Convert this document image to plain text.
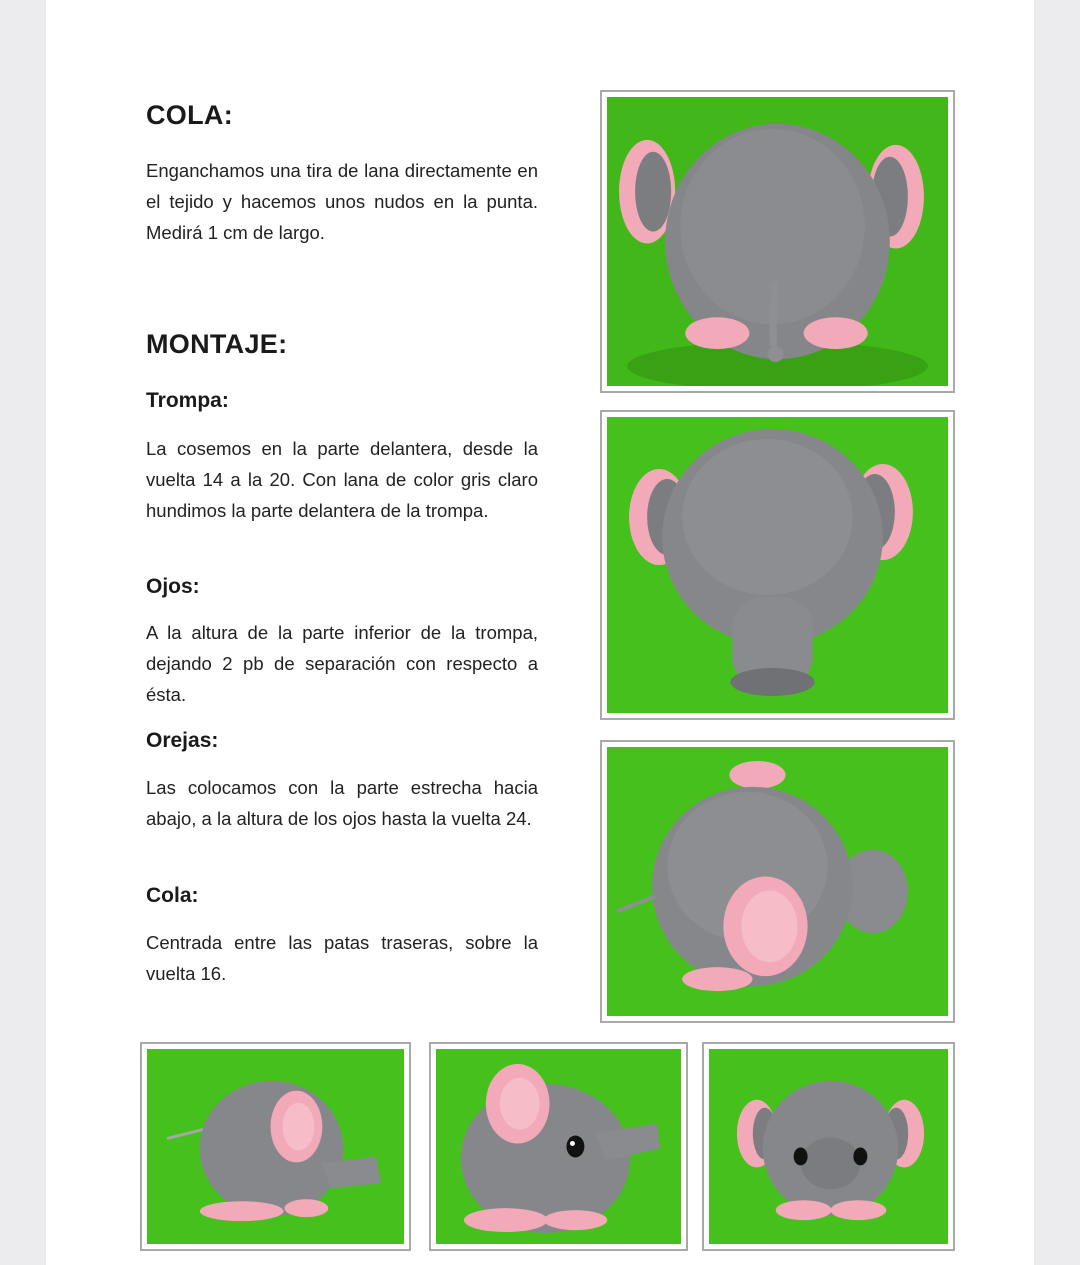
COLA:

Enganchamos una tira de lana directamente en el tejido y hacemos unos nudos en la punta. Medirá 1 cm de largo.

MONTAJE:
Trompa:

La cosemos en la parte delantera, desde la vuelta 14 a la 20. Con lana de color gris claro hundimos la parte delantera de la trompa.

Ojos:

A la altura de la parte inferior de la trompa, dejando 2 pb de separación con respecto a ésta.

Orejas:

Las colocamos con la parte estrecha hacia abajo, a la altura de los ojos hasta la vuelta 24.

Cola:

Centrada entre las patas traseras, sobre la vuelta 16.
